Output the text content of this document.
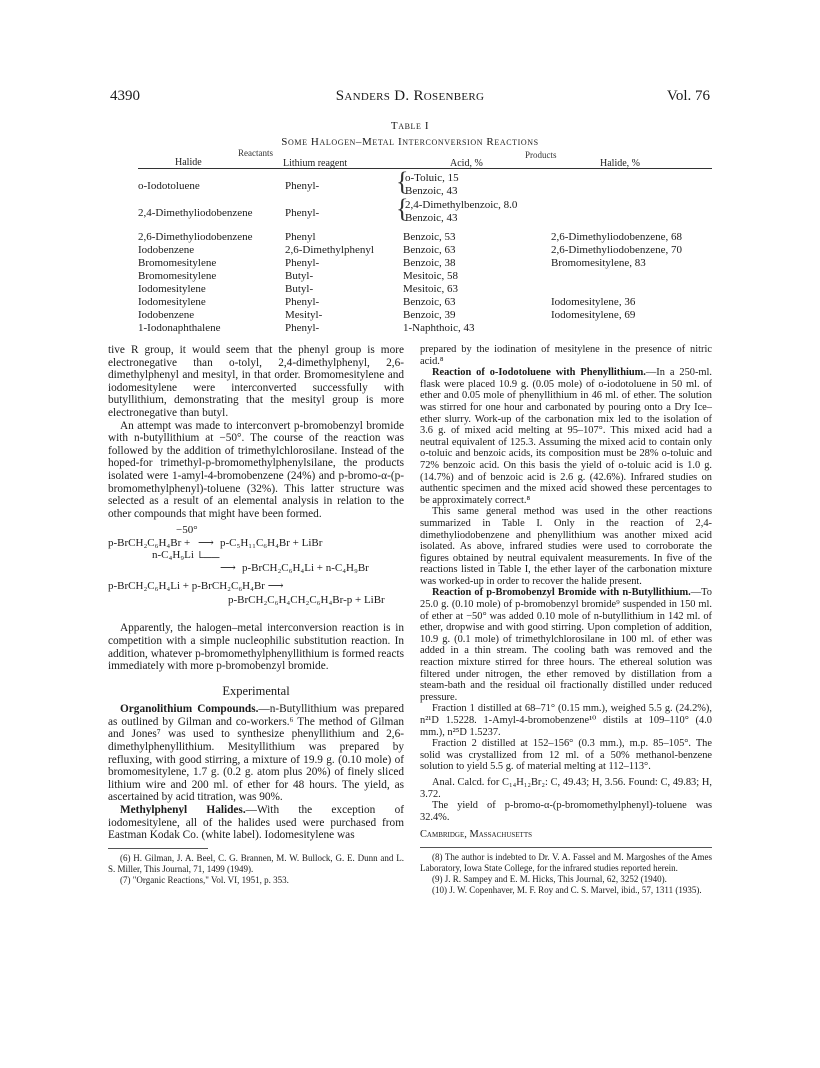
4390	Sanders D. Rosenberg	Vol. 76
Table I
Some Halogen–Metal Interconversion Reactions
Reactants	Products
Halide	Lithium reagent	Acid, %	Halide, %
o-Iodotoluene	Phenyl-	{
o-Toluic, 15
Benzoic, 43
2,4-Dimethyliodobenzene	Phenyl-	{
2,4-Dimethylbenzoic, 8.0
Benzoic, 43
2,6-Dimethyliodobenzene	Phenyl	Benzoic, 53	2,6-Dimethyliodobenzene, 68
Iodobenzene	2,6-Dimethylphenyl	Benzoic, 63	2,6-Dimethyliodobenzene, 70
Bromomesitylene	Phenyl-	Benzoic, 38	Bromomesitylene, 83
Bromomesitylene	Butyl-	Mesitoic, 58
Iodomesitylene	Butyl-	Mesitoic, 63
Iodomesitylene	Phenyl-	Benzoic, 63	Iodomesitylene, 36
Iodobenzene	Mesityl-	Benzoic, 39	Iodomesitylene, 69
1-Iodonaphthalene	Phenyl-	1-Naphthoic, 43

tive R group, it would seem that the phenyl group is more electronegative than o-tolyl, 2,4-dimethylphenyl, 2,6-dimethylphenyl and mesityl, in that order. Bromomesitylene and iodomesitylene were interconverted successfully with butyllithium, demonstrating that the mesityl group is more electronegative than butyl.

An attempt was made to interconvert p-bromobenzyl bromide with n-butyllithium at −50°. The course of the reaction was followed by the addition of trimethylchlorosilane. Instead of the hoped-for trimethyl-p-bromomethylphenylsilane, the products isolated were 1-amyl-4-bromobenzene (24%) and p-bromo-α-(p-bromomethylphenyl)-toluene (32%). This latter structure was selected as a result of an elemental analysis in relation to the other compounds that might have been formed.

−50°
p-BrCH₂C₆H₄Br + ⟶ p-C₅H₁₁C₆H₄Br + LiBr
n-C₄H₉Li └──
⟶ p-BrCH₂C₆H₄Li + n-C₄H₉Br
p-BrCH₂C₆H₄Li + p-BrCH₂C₆H₄Br ⟶
p-BrCH₂C₆H₄CH₂C₆H₄Br-p + LiBr

Apparently, the halogen–metal interconversion reaction is in competition with a simple nucleophilic substitution reaction. In addition, whatever p-bromomethylphenyllithium is formed reacts immediately with more p-bromobenzyl bromide.

Experimental

Organolithium Compounds.—n-Butyllithium was prepared as outlined by Gilman and co-workers.⁶ The method of Gilman and Jones⁷ was used to synthesize phenyllithium and 2,6-dimethylphenyllithium. Mesityllithium was prepared by refluxing, with good stirring, a mixture of 19.9 g. (0.10 mole) of bromomesitylene, 1.7 g. (0.2 g. atom plus 20%) of finely sliced lithium wire and 200 ml. of ether for 48 hours. The yield, as ascertained by acid titration, was 90%.

Methylphenyl Halides.—With the exception of iodomesitylene, all of the halides used were purchased from Eastman Kodak Co. (white label). Iodomesitylene was

(6) H. Gilman, J. A. Beel, C. G. Brannen, M. W. Bullock, G. E. Dunn and L. S. Miller, This Journal, 71, 1499 (1949).

(7) "Organic Reactions," Vol. VI, 1951, p. 353.

prepared by the iodination of mesitylene in the presence of nitric acid.⁸

Reaction of o-Iodotoluene with Phenyllithium.—In a 250-ml. flask were placed 10.9 g. (0.05 mole) of o-iodotoluene in 50 ml. of ether and 0.05 mole of phenyllithium in 46 ml. of ether. The solution was stirred for one hour and carbonated by pouring onto a Dry Ice–ether slurry. Work-up of the carbonation mix led to the isolation of 3.6 g. of mixed acid melting at 95–107°. This mixed acid had a neutral equivalent of 125.3. Assuming the mixed acid to contain only o-toluic and benzoic acids, its composition must be 28% o-toluic and 72% benzoic acid. On this basis the yield of o-toluic acid is 1.0 g. (14.7%) and of benzoic acid is 2.6 g. (42.6%). Infrared studies on authentic specimen and the mixed acid showed these percentages to be approximately correct.⁸

This same general method was used in the other reactions summarized in Table I. Only in the reaction of 2,4-dimethyliodobenzene and phenyllithium was another mixed acid isolated. As above, infrared studies were used to corroborate the figures obtained by neutral equivalent measurements. In five of the reactions listed in Table I, the ether layer of the carbonation mixture was worked-up in order to recover the halide present.

Reaction of p-Bromobenzyl Bromide with n-Butyllithium.—To 25.0 g. (0.10 mole) of p-bromobenzyl bromide⁹ suspended in 150 ml. of ether at −50° was added 0.10 mole of n-butyllithium in 142 ml. of ether, dropwise and with good stirring. Upon completion of addition, 10.9 g. (0.1 mole) of trimethylchlorosilane in 100 ml. of ether was added in a thin stream. The cooling bath was removed and the reaction mixture stirred for three hours. The ethereal solution was filtered under nitrogen, the ether removed by distillation from a steam-bath and the residual oil fractionally distilled under reduced pressure.

Fraction 1 distilled at 68–71° (0.15 mm.), weighed 5.5 g. (24.2%), n²¹D 1.5228. 1-Amyl-4-bromobenzene¹⁰ distils at 109–110° (4.0 mm.), n²⁵D 1.5237.

Fraction 2 distilled at 152–156° (0.3 mm.), m.p. 85–105°. The solid was crystallized from 12 ml. of a 50% methanol-benzene solution to yield 5.5 g. of material melting at 112–113°.

Anal. Calcd. for C₁₄H₁₂Br₂: C, 49.43; H, 3.56. Found: C, 49.83; H, 3.72.

The yield of p-bromo-α-(p-bromomethylphenyl)-toluene was 32.4%.

Cambridge, Massachusetts

(8) The author is indebted to Dr. V. A. Fassel and M. Margoshes of the Ames Laboratory, Iowa State College, for the infrared studies reported herein.

(9) J. R. Sampey and E. M. Hicks, This Journal, 62, 3252 (1940).

(10) J. W. Copenhaver, M. F. Roy and C. S. Marvel, ibid., 57, 1311 (1935).
